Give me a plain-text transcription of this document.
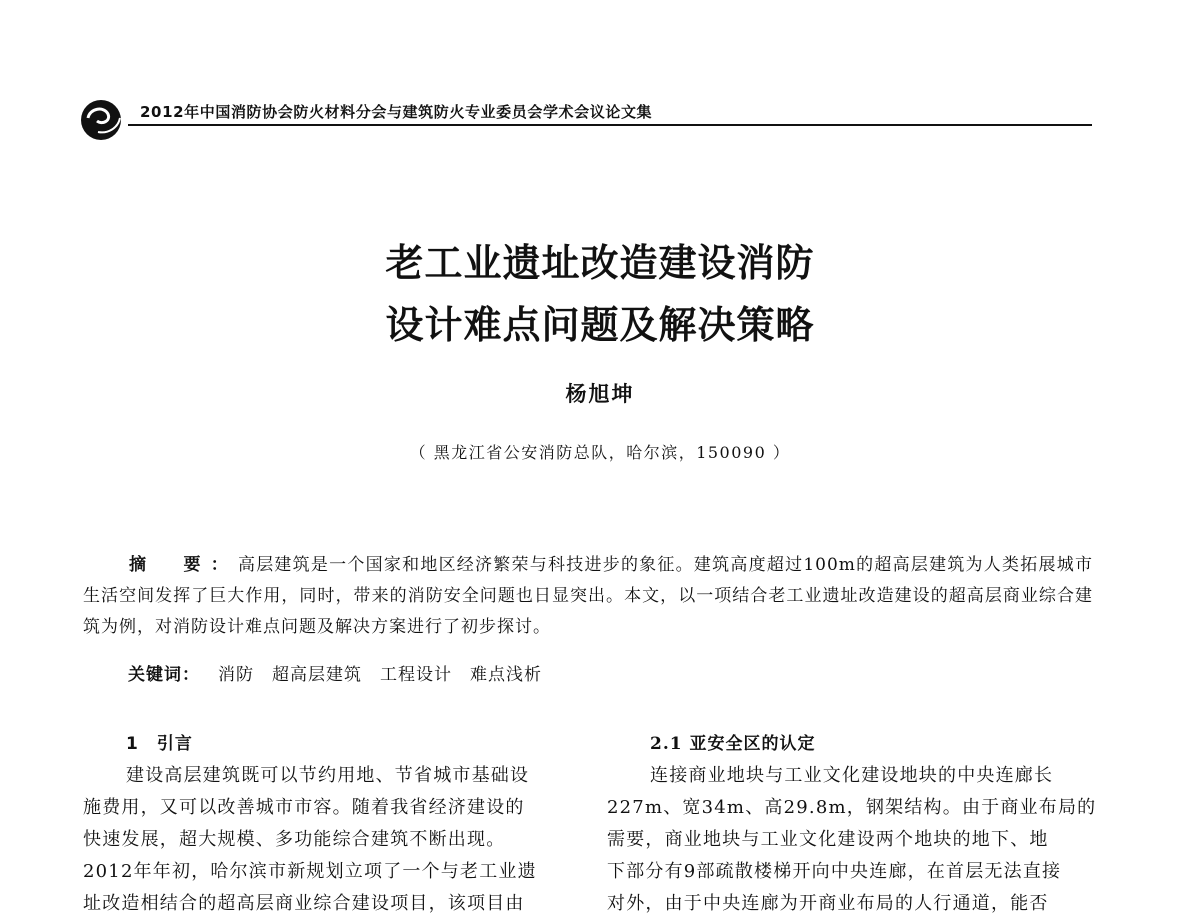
2012年中国消防协会防火材料分会与建筑防火专业委员会学术会议论文集
老工业遗址改造建设消防
设计难点问题及解决策略
杨旭坤
（ 黑龙江省公安消防总队，哈尔滨，150090 ）
摘　要：高层建筑是一个国家和地区经济繁荣与科技进步的象征。建筑高度超过100m的超高层建筑为人类拓展城市生活空间发挥了巨大作用，同时，带来的消防安全问题也日显突出。本文，以一项结合老工业遗址改造建设的超高层商业综合建筑为例，对消防设计难点问题及解决方案进行了初步探讨。
关键词： 消防 超高层建筑 工程设计 难点浅析
1　引言
建设高层建筑既可以节约用地、节省城市基础设
施费用，又可以改善城市市容。随着我省经济建设的
快速发展，超大规模、多功能综合建筑不断出现。
2012年年初，哈尔滨市新规划立项了一个与老工业遗
址改造相结合的超高层商业综合建设项目，该项目由
2.1 亚安全区的认定
连接商业地块与工业文化建设地块的中央连廊长
227m、宽34m、高29.8m，钢架结构。由于商业布局的
需要，商业地块与工业文化建设两个地块的地下、地
下部分有9部疏散楼梯开向中央连廊，在首层无法直接
对外，由于中央连廊为开商业布局的人行通道，能否
